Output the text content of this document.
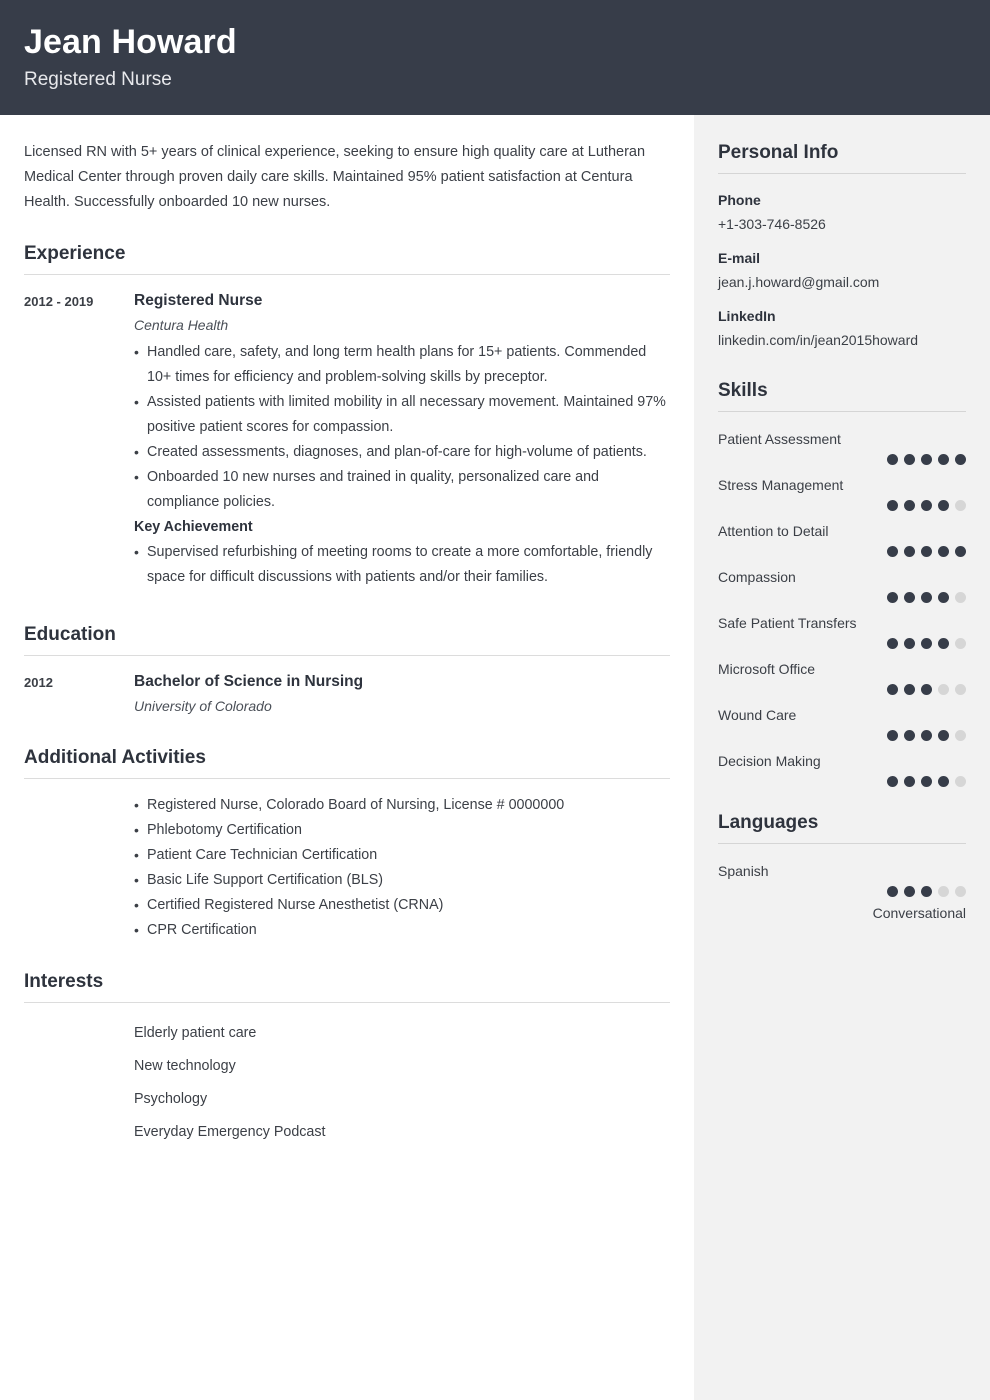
Jean Howard
Registered Nurse
Licensed RN with 5+ years of clinical experience, seeking to ensure high quality care at Lutheran Medical Center through proven daily care skills. Maintained 95% patient satisfaction at Centura Health. Successfully onboarded 10 new nurses.
Experience
2012 - 2019	Registered Nurse
Centura Health
• Handled care, safety, and long term health plans for 15+ patients. Commended 10+ times for efficiency and problem-solving skills by preceptor.
• Assisted patients with limited mobility in all necessary movement. Maintained 97% positive patient scores for compassion.
• Created assessments, diagnoses, and plan-of-care for high-volume of patients.
• Onboarded 10 new nurses and trained in quality, personalized care and compliance policies.
Key Achievement
• Supervised refurbishing of meeting rooms to create a more comfortable, friendly space for difficult discussions with patients and/or their families.
Education
2012	Bachelor of Science in Nursing
University of Colorado
Additional Activities
• Registered Nurse, Colorado Board of Nursing, License # 0000000
• Phlebotomy Certification
• Patient Care Technician Certification
• Basic Life Support Certification (BLS)
• Certified Registered Nurse Anesthetist (CRNA)
• CPR Certification
Interests
Elderly patient care
New technology
Psychology
Everyday Emergency Podcast
Personal Info
Phone
+1-303-746-8526
E-mail
jean.j.howard@gmail.com
LinkedIn
linkedin.com/in/jean2015howard
Skills
Patient Assessment
Stress Management
Attention to Detail
Compassion
Safe Patient Transfers
Microsoft Office
Wound Care
Decision Making
Languages
Spanish
Conversational
